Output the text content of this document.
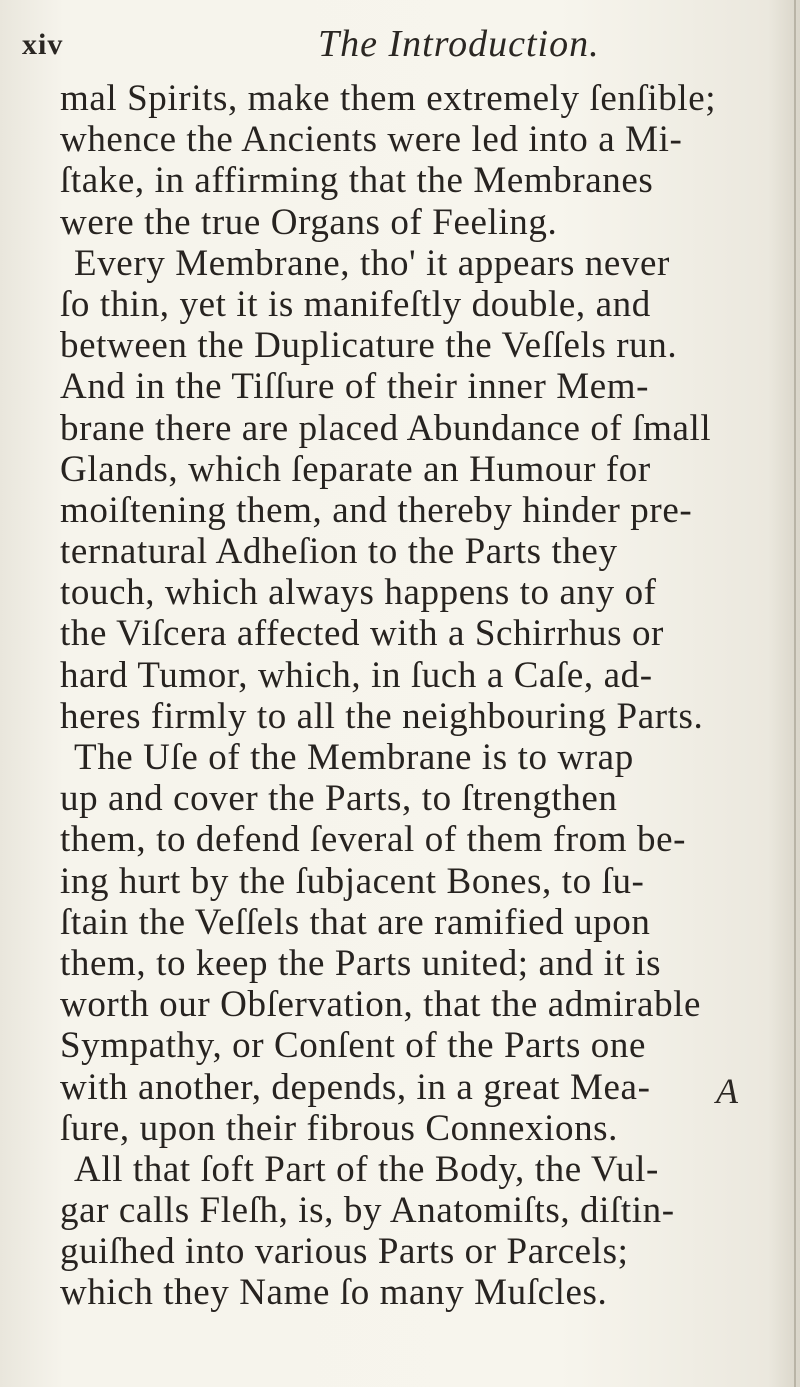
xiv	The Introduction.
mal Spirits, make them extremely ſenſible;
whence the Ancients were led into a Mi-
ſtake, in affirming that the Membranes
were the true Organs of Feeling.
Every Membrane, tho' it appears never
ſo thin, yet it is manifeſtly double, and
between the Duplicature the Veſſels run.
And in the Tiſſure of their inner Mem-
brane there are placed Abundance of ſmall
Glands, which ſeparate an Humour for
moiſtening them, and thereby hinder pre-
ternatural Adheſion to the Parts they
touch, which always happens to any of
the Viſcera affected with a Schirrhus or
hard Tumor, which, in ſuch a Caſe, ad-
heres firmly to all the neighbouring Parts.
The Uſe of the Membrane is to wrap
up and cover the Parts, to ſtrengthen
them, to defend ſeveral of them from be-
ing hurt by the ſubjacent Bones, to ſu-
ſtain the Veſſels that are ramified upon
them, to keep the Parts united; and it is
worth our Obſervation, that the admirable
Sympathy, or Conſent of the Parts one
with another, depends, in a great Mea-
ſure, upon their fibrous Connexions.
All that ſoft Part of the Body, the Vul-
gar calls Fleſh, is, by Anatomiſts, diſtin-
guiſhed into various Parts or Parcels;
which they Name ſo many Muſcles.
A
